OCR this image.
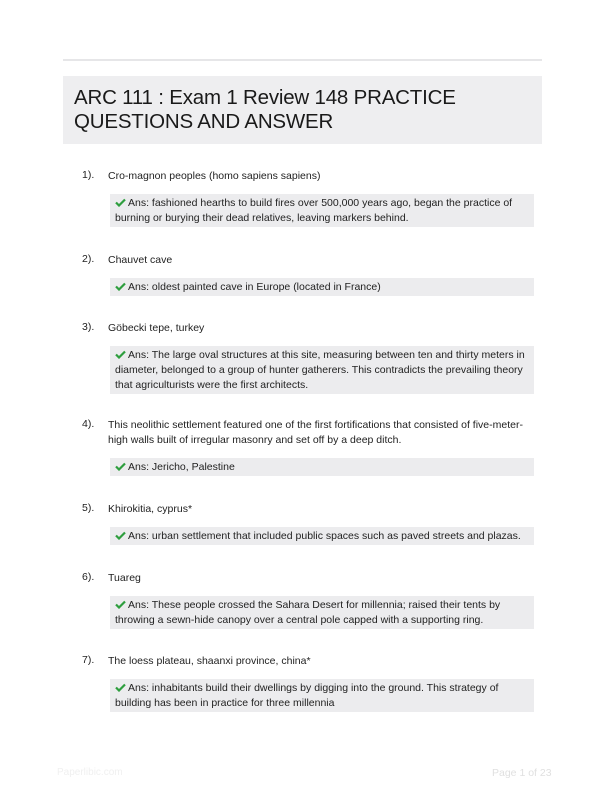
ARC 111 : Exam 1 Review 148 PRACTICE QUESTIONS AND ANSWER
1). Cro-magnon peoples (homo sapiens sapiens)
Ans: fashioned hearths to build fires over 500,000 years ago, began the practice of burning or burying their dead relatives, leaving markers behind.
2). Chauvet cave
Ans: oldest painted cave in Europe (located in France)
3). Göbecki tepe, turkey
Ans: The large oval structures at this site, measuring between ten and thirty meters in diameter, belonged to a group of hunter gatherers. This contradicts the prevailing theory that agriculturists were the first architects.
4). This neolithic settlement featured one of the first fortifications that consisted of five-meter-high walls built of irregular masonry and set off by a deep ditch.
Ans: Jericho, Palestine
5). Khirokitia, cyprus*
Ans: urban settlement that included public spaces such as paved streets and plazas.
6). Tuareg
Ans: These people crossed the Sahara Desert for millennia; raised their tents by throwing a sewn-hide canopy over a central pole capped with a supporting ring.
7). The loess plateau, shaanxi province, china*
Ans: inhabitants build their dwellings by digging into the ground. This strategy of building has been in practice for three millennia
Paperlibic.com	Page 1 of 23
